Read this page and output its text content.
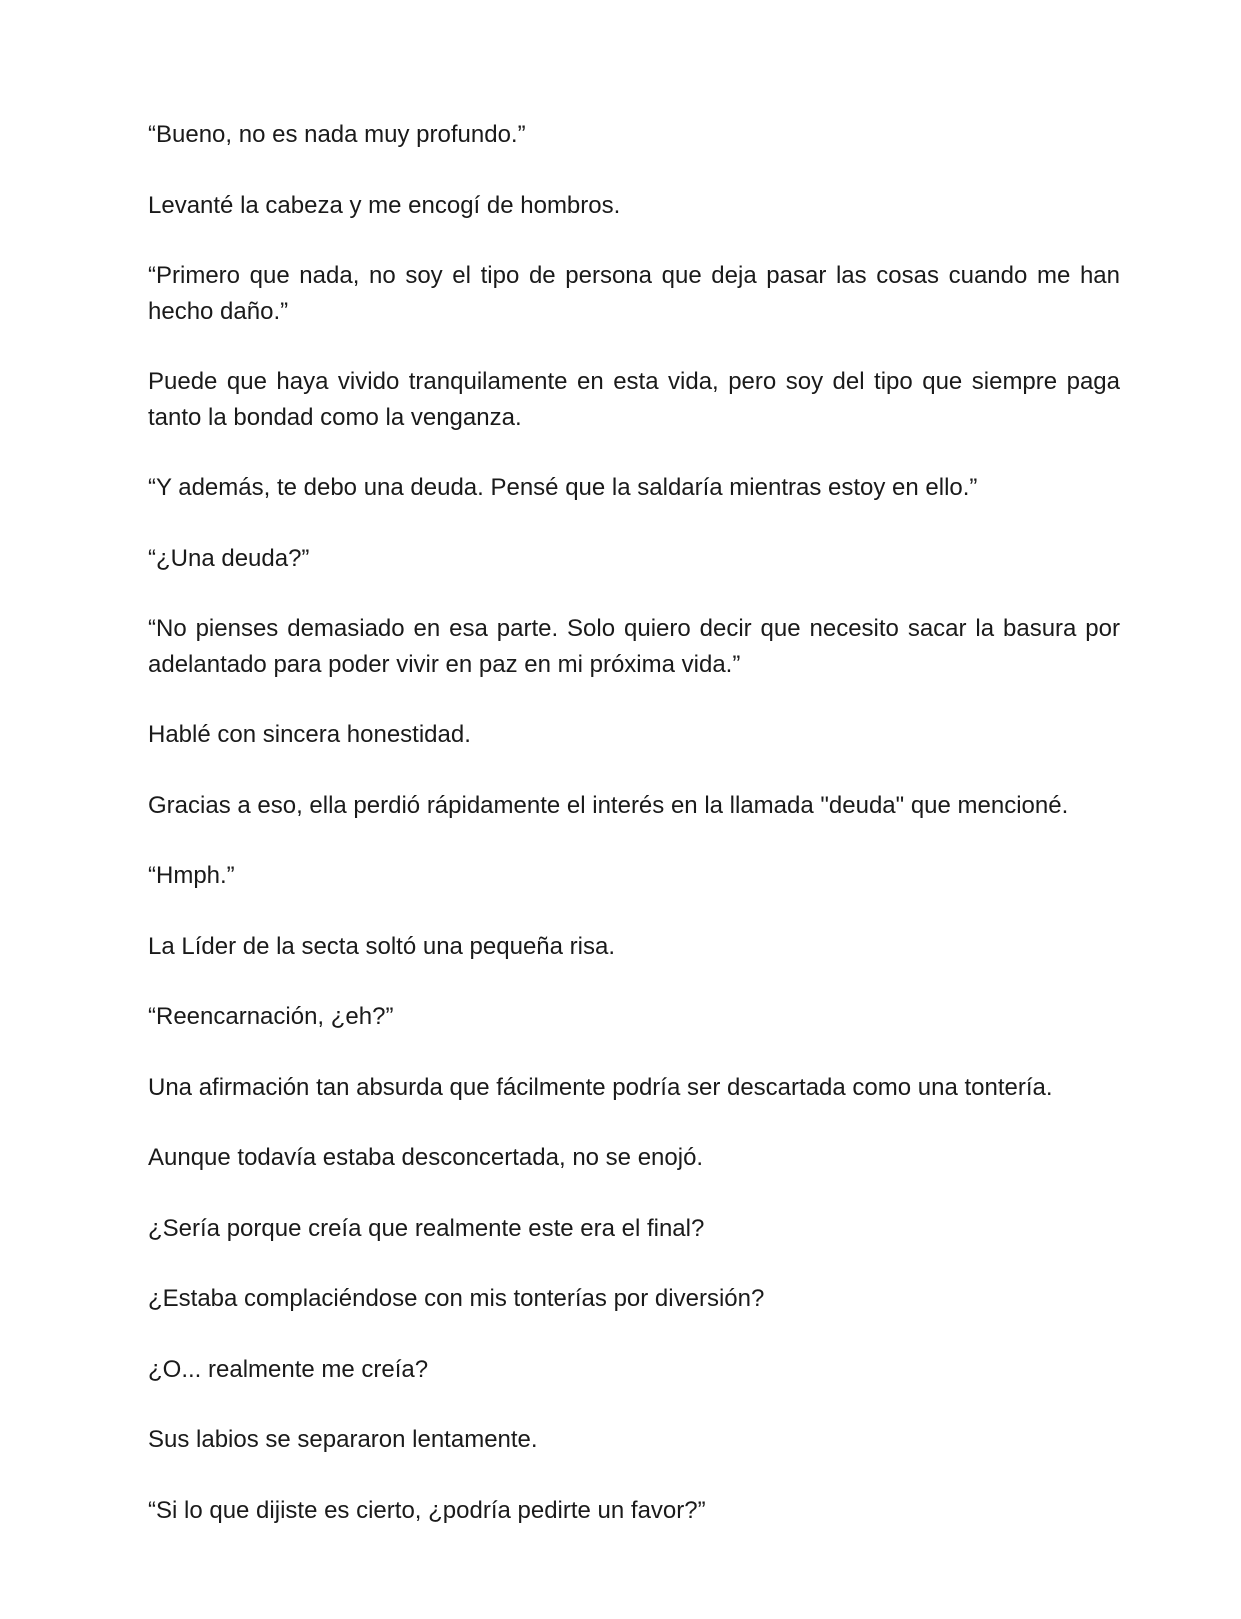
“Bueno, no es nada muy profundo.”

Levanté la cabeza y me encogí de hombros.

“Primero que nada, no soy el tipo de persona que deja pasar las cosas cuando me han hecho daño.”

Puede que haya vivido tranquilamente en esta vida, pero soy del tipo que siempre paga tanto la bondad como la venganza.

“Y además, te debo una deuda. Pensé que la saldaría mientras estoy en ello.”

“¿Una deuda?”

“No pienses demasiado en esa parte. Solo quiero decir que necesito sacar la basura por adelantado para poder vivir en paz en mi próxima vida.”

Hablé con sincera honestidad.

Gracias a eso, ella perdió rápidamente el interés en la llamada "deuda" que mencioné.

“Hmph.”

La Líder de la secta soltó una pequeña risa.

“Reencarnación, ¿eh?”

Una afirmación tan absurda que fácilmente podría ser descartada como una tontería.

Aunque todavía estaba desconcertada, no se enojó.

¿Sería porque creía que realmente este era el final?

¿Estaba complaciéndose con mis tonterías por diversión?

¿O... realmente me creía?

Sus labios se separaron lentamente.

“Si lo que dijiste es cierto, ¿podría pedirte un favor?”
